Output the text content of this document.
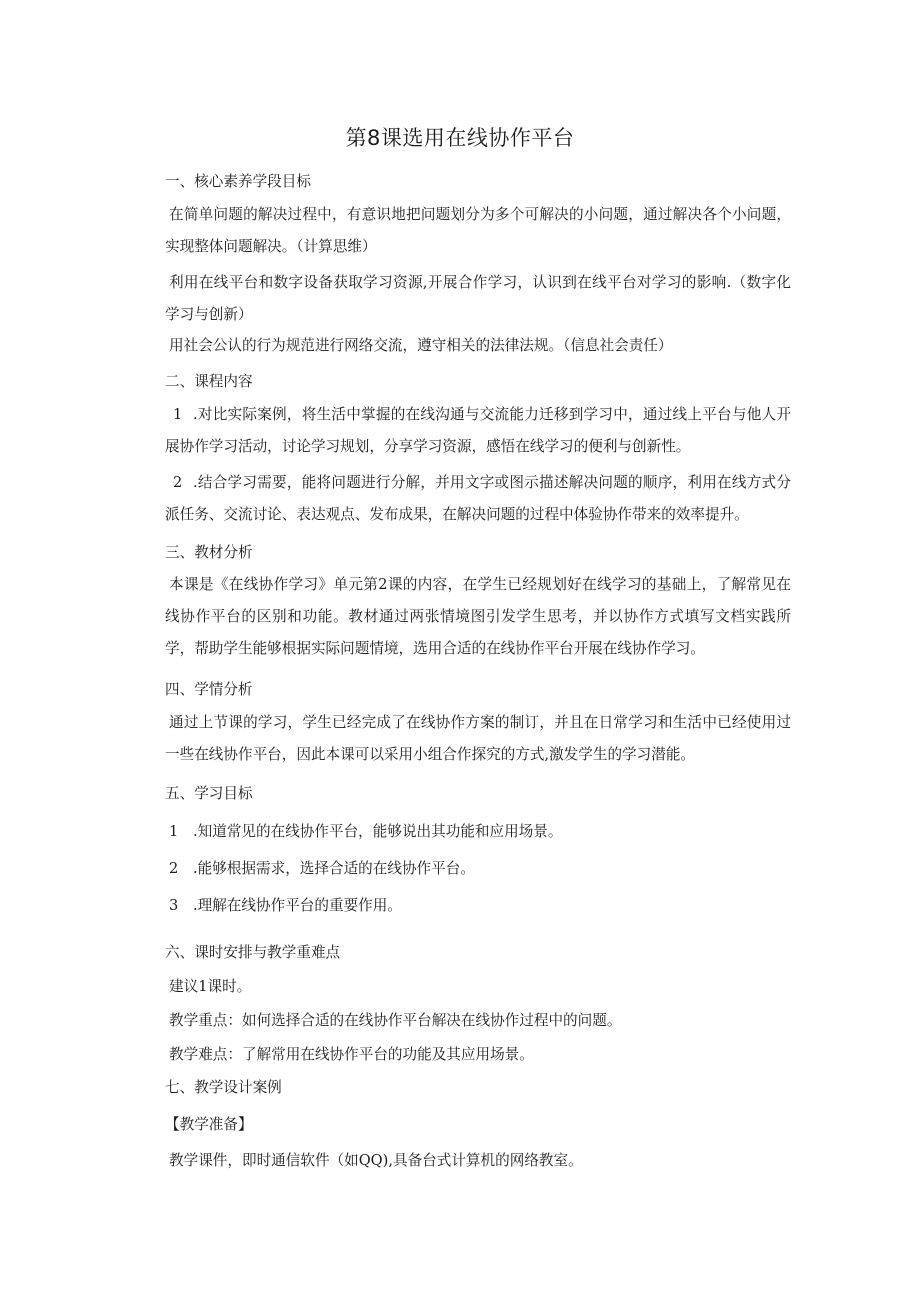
第8课选用在线协作平台
一、核心素养学段目标
在简单问题的解决过程中，有意识地把问题划分为多个可解决的小问题，通过解决各个小问题，实现整体问题解决。（计算思维）
利用在线平台和数字设备获取学习资源,开展合作学习，认识到在线平台对学习的影响.（数字化学习与创新）
用社会公认的行为规范进行网络交流，遵守相关的法律法规。（信息社会责任）
二、课程内容
1 .对比实际案例，将生活中掌握的在线沟通与交流能力迁移到学习中，通过线上平台与他人开展协作学习活动，讨论学习规划，分享学习资源，感悟在线学习的便利与创新性。
2 .结合学习需要，能将问题进行分解，并用文字或图示描述解决问题的顺序，利用在线方式分派任务、交流讨论、表达观点、发布成果，在解决问题的过程中体验协作带来的效率提升。
三、教材分析
本课是《在线协作学习》单元第2课的内容，在学生已经规划好在线学习的基础上，了解常见在线协作平台的区别和功能。教材通过两张情境图引发学生思考，并以协作方式填写文档实践所学，帮助学生能够根据实际问题情境，选用合适的在线协作平台开展在线协作学习。
四、学情分析
通过上节课的学习，学生已经完成了在线协作方案的制订，并且在日常学习和生活中已经使用过一些在线协作平台，因此本课可以采用小组合作探究的方式,激发学生的学习潜能。
五、学习目标
1 .知道常见的在线协作平台，能够说出其功能和应用场景。
2 .能够根据需求，选择合适的在线协作平台。
3 .理解在线协作平台的重要作用。
六、课时安排与教学重难点
建议1课时。
教学重点：如何选择合适的在线协作平台解决在线协作过程中的问题。
教学难点：了解常用在线协作平台的功能及其应用场景。
七、教学设计案例
【教学准备】
教学课件，即时通信软件（如QQ),具备台式计算机的网络教室。
